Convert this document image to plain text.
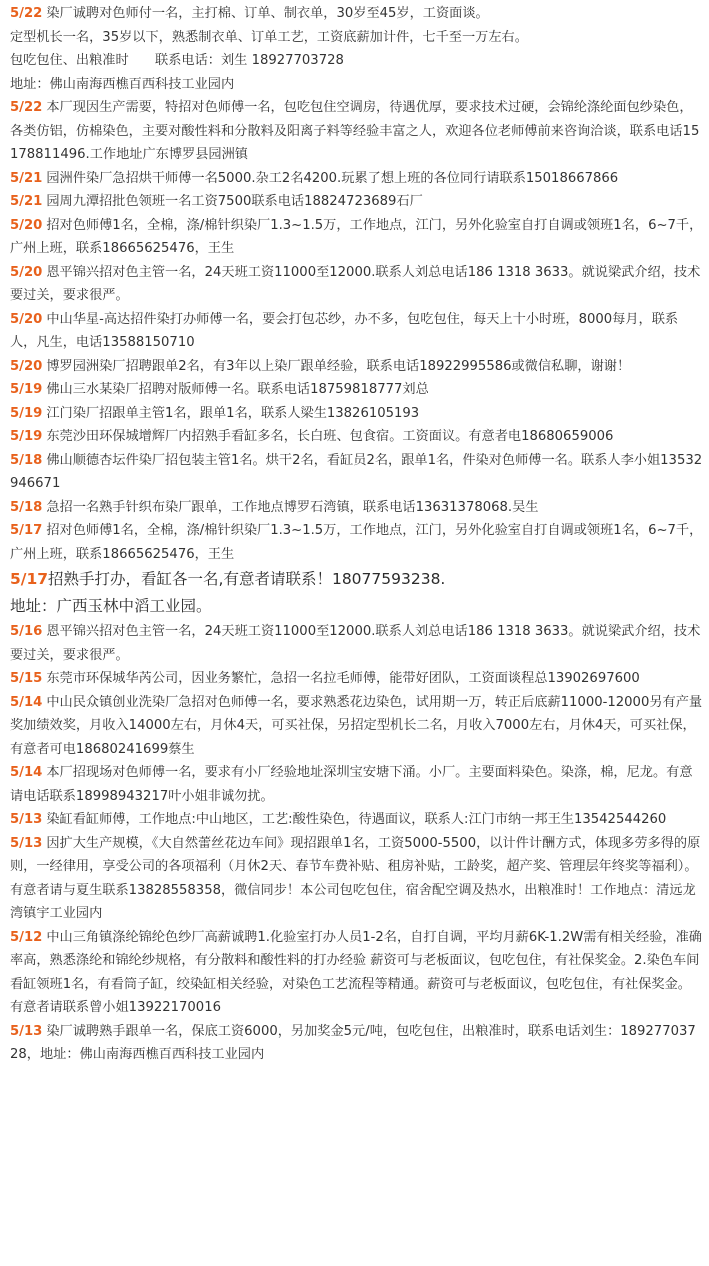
5/22 染厂诚聘对色师付一名，主打棉、订单、制衣单，30岁至45岁，工资面谈。
定型机长一名，35岁以下，熟悉制衣单、订单工艺，工资底薪加计件，七千至一万左右。
包吃包住、出粮准时　　联系电话：刘生 18927703728
地址：佛山南海西樵百西科技工业园内
5/22 本厂现因生产需要，特招对色师傅一名，包吃包住空调房，待遇优厚，要求技术过硬，会锦纶涤纶面包纱染色，各类仿铝，仿棉染色，主要对酸性料和分散料及阳离子料等经验丰富之人，欢迎各位老师傅前来咨询洽谈，联系电话15178811496.工作地址广东博罗县园洲镇
5/21 园洲件染厂急招烘干师傅一名5000.杂工2名4200.玩累了想上班的各位同行请联系15018667866
5/21 园周九潭招批色领班一名工资7500联系电话18824723689石厂
5/20 招对色师傅1名，全棉，涤/棉针织染厂1.3~1.5万，工作地点，江门，另外化验室自打自调或领班1名，6~7千，广州上班，联系18665625476，王生
5/20 恩平锦兴招对色主管一名，24天班工资11000至12000.联系人刘总电话186 1318 3633。就说梁武介绍，技术要过关，要求很严。
5/20 中山华星-高达招件染打办师傅一名，要会打包芯纱，办不多，包吃包住，每天上十小时班，8000每月，联系人，凡生，电话13588150710
5/20 博罗园洲染厂招聘跟单2名，有3年以上染厂跟单经验，联系电话18922995586或微信私聊，谢谢！
5/19 佛山三水某染厂招聘对版师傅一名。联系电话18759818777刘总
5/19 江门染厂招跟单主管1名，跟单1名，联系人梁生13826105193
5/19 东莞沙田环保城增辉厂内招熟手看缸多名，长白班、包食宿。工资面议。有意者电18680659006
5/18 佛山顺德杏坛件染厂招包装主管1名。烘干2名，看缸员2名，跟单1名，件染对色师傅一名。联系人李小姐13532946671
5/18 急招一名熟手针织布染厂跟单，工作地点博罗石湾镇，联系电话13631378068.吴生
5/17 招对色师傅1名，全棉，涤/棉针织染厂1.3~1.5万，工作地点，江门，另外化验室自打自调或领班1名，6~7千，广州上班，联系18665625476，王生
5/17招熟手打办，看缸各一名,有意者请联系！18077593238.
地址：广西玉林中滔工业园。
5/16 恩平锦兴招对色主管一名，24天班工资11000至12000.联系人刘总电话186 1318 3633。就说梁武介绍，技术要过关，要求很严。
5/15 东莞市环保城华芮公司，因业务繁忙，急招一名拉毛师傅，能带好团队，工资面谈程总13902697600
5/14 中山民众镇创业洗染厂急招对色师傅一名，要求熟悉花边染色，试用期一万，转正后底薪11000-12000另有产量奖加绩效奖，月收入14000左右，月休4天，可买社保，另招定型机长二名，月收入7000左右，月休4天，可买社保，有意者可电18680241699蔡生
5/14 本厂招现场对色师傅一名，要求有小厂经验地址深圳宝安塘下涌。小厂。主要面料染色。染涤，棉，尼龙。有意请电话联系18998943217叶小姐非诚勿扰。
5/13 染缸看缸师傅，工作地点:中山地区，工艺:酸性染色，待遇面议，联系人:江门市纳一邦王生13542544260
5/13 因扩大生产规模，《大自然蕾丝花边车间》现招跟单1名，工资5000-5500，以计件计酬方式，体现多劳多得的原则，一经律用，享受公司的各项福利（月休2天、春节车费补贴、租房补贴，工龄奖，超产奖、管理层年终奖等福利）。有意者请与夏生联系13828558358，微信同步！本公司包吃包住，宿舍配空调及热水，出粮准时！工作地点：清远龙湾镇宇工业园内
5/12 中山三角镇涤纶锦纶色纱厂高薪诚聘1.化验室打办人员1-2名，自打自调，平均月薪6K-1.2W需有相关经验，准确率高，熟悉涤纶和锦纶纱规格，有分散料和酸性料的打办经验 薪资可与老板面议，包吃包住，有社保奖金。2.染色车间看缸领班1名，有看筒子缸，绞染缸相关经验，对染色工艺流程等精通。薪资可与老板面议，包吃包住，有社保奖金。 有意者请联系曾小姐13922170016
5/13 染厂诚聘熟手跟单一名，保底工资6000，另加奖金5元/吨，包吃包住，出粮准时，联系电话刘生：18927703728，地址：佛山南海西樵百西科技工业园内
